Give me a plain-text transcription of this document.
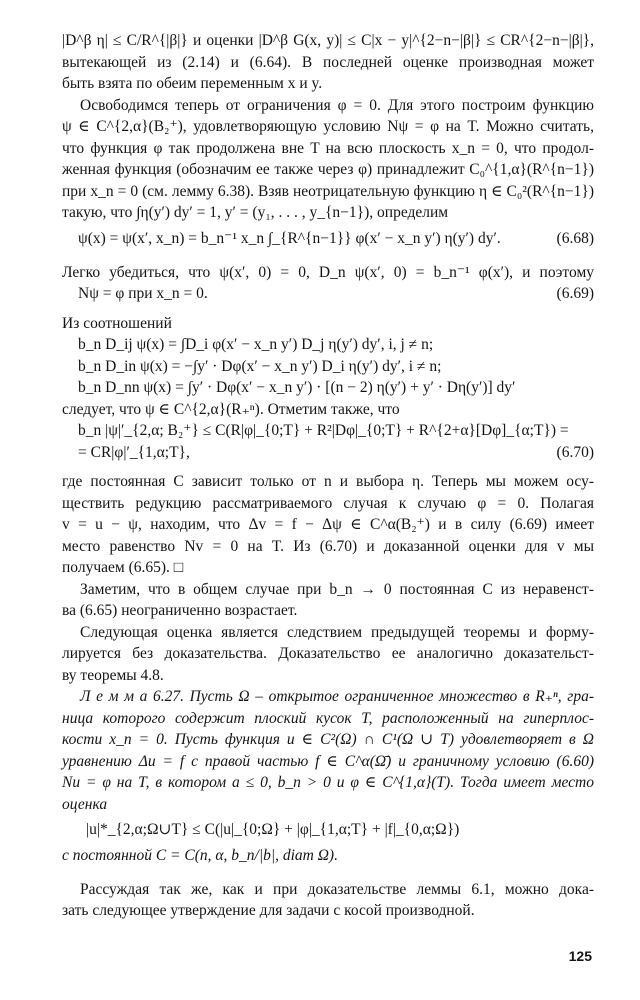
|D^β η| ≤ C/R^{|β|} и оценки |D^β G(x, y)| ≤ C|x − y|^{2−n−|β|} ≤ CR^{2−n−|β|},
вытекающей из (2.14) и (6.64). В последней оценке производная может
быть взята по обеим переменным x и y.
Освободимся теперь от ограничения φ = 0. Для этого построим функцию
ψ ∈ C^{2,α}(B₂⁺), удовлетворяющую условию Nψ = φ на T. Можно считать,
что функция φ так продолжена вне T на всю плоскость x_n = 0, что продол-
женная функция (обозначим ее также через φ) принадлежит C₀^{1,α}(R^{n−1})
при x_n = 0 (см. лемму 6.38). Взяв неотрицательную функцию η ∈ C₀²(R^{n−1})
такую, что ∫η(y′) dy′ = 1, y′ = (y₁, . . . , y_{n−1}), определим
ψ(x) = ψ(x′, x_n) = b_n⁻¹ x_n ∫_{R^{n−1}} φ(x′ − x_n y′) η(y′) dy′.	(6.68)
Легко убедиться, что ψ(x′, 0) = 0, D_n ψ(x′, 0) = b_n⁻¹ φ(x′), и поэтому
Nψ = φ при x_n = 0.	(6.69)
Из соотношений
b_n D_ij ψ(x) = ∫D_i φ(x′ − x_n y′) D_j η(y′) dy′, i, j ≠ n;
b_n D_in ψ(x) = −∫y′ · Dφ(x′ − x_n y′) D_i η(y′) dy′, i ≠ n;
b_n D_nn ψ(x) = ∫y′ · Dφ(x′ − x_n y′) · [(n − 2) η(y′) + y′ · Dη(y′)] dy′
следует, что ψ ∈ C^{2,α}(R₊ⁿ). Отметим также, что
b_n |ψ|′_{2,α; B₂⁺} ≤ C(R|φ|_{0;T} + R²|Dφ|_{0;T} + R^{2+α}[Dφ]_{α;T}) =
= CR|φ|′_{1,α;T},	(6.70)
где постоянная C зависит только от n и выбора η. Теперь мы можем осу-
ществить редукцию рассматриваемого случая к случаю φ = 0. Полагая
v = u − ψ, находим, что Δv = f − Δψ ∈ C^α(B₂⁺) и в силу (6.69) имеет
место равенство Nv = 0 на T. Из (6.70) и доказанной оценки для v мы
получаем (6.65). □
Заметим, что в общем случае при b_n → 0 постоянная C из неравенст-
ва (6.65) неограниченно возрастает.
Следующая оценка является следствием предыдущей теоремы и форму-
лируется без доказательства. Доказательство ее аналогично доказательст-
ву теоремы 4.8.
Л е м м а 6.27. Пусть Ω – открытое ограниченное множество в R₊ⁿ, гра-
ница которого содержит плоский кусок T, расположенный на гиперплос-
кости x_n = 0. Пусть функция u ∈ C²(Ω) ∩ C¹(Ω ∪ T) удовлетворяет в Ω
уравнению Δu = f с правой частью f ∈ C^α(Ω̄) и граничному условию (6.60)
Nu = φ на T, в котором a ≤ 0, b_n > 0 и φ ∈ C^{1,α}(T). Тогда имеет место
оценка
|u|*_{2,α;Ω∪T} ≤ C(|u|_{0;Ω} + |φ|_{1,α;T} + |f|_{0,α;Ω})
с постоянной C = C(n, α, b_n/|b|, diam Ω).
Рассуждая так же, как и при доказательстве леммы 6.1, можно дока-
зать следующее утверждение для задачи с косой производной.
125
